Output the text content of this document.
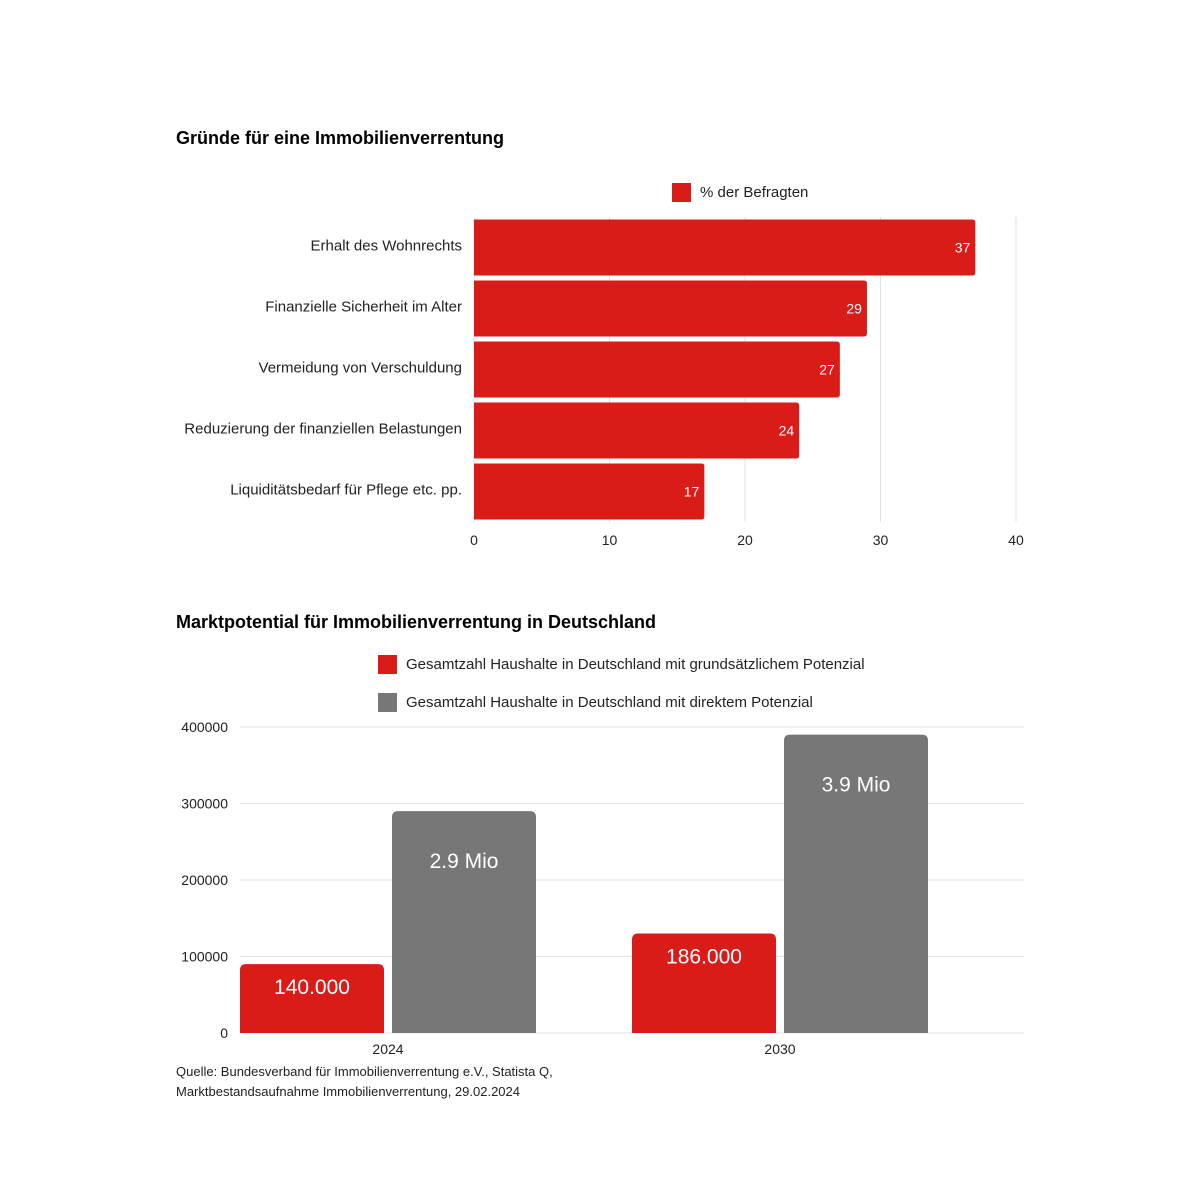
Gründe für eine Immobilienverrentung
% der Befragten
Marktpotential für Immobilienverrentung in Deutschland
Gesamtzahl Haushalte in Deutschland mit grundsätzlichem Potenzial
Gesamtzahl Haushalte in Deutschland mit direktem Potenzial
0	10	20	30	40
37
Erhalt des Wohnrechts
29
Finanzielle Sicherheit im Alter
27
Vermeidung von Verschuldung
24
Reduzierung der finanziellen Belastungen
17
Liquiditätsbedarf für Pflege etc. pp.
0
100000
200000
300000
400000
140.000
2.9 Mio
2024
186.000
3.9 Mio
2030
Quelle: Bundesverband für Immobilienverrentung e.V., Statista Q,
Marktbestandsaufnahme Immobilienverrentung, 29.02.2024
